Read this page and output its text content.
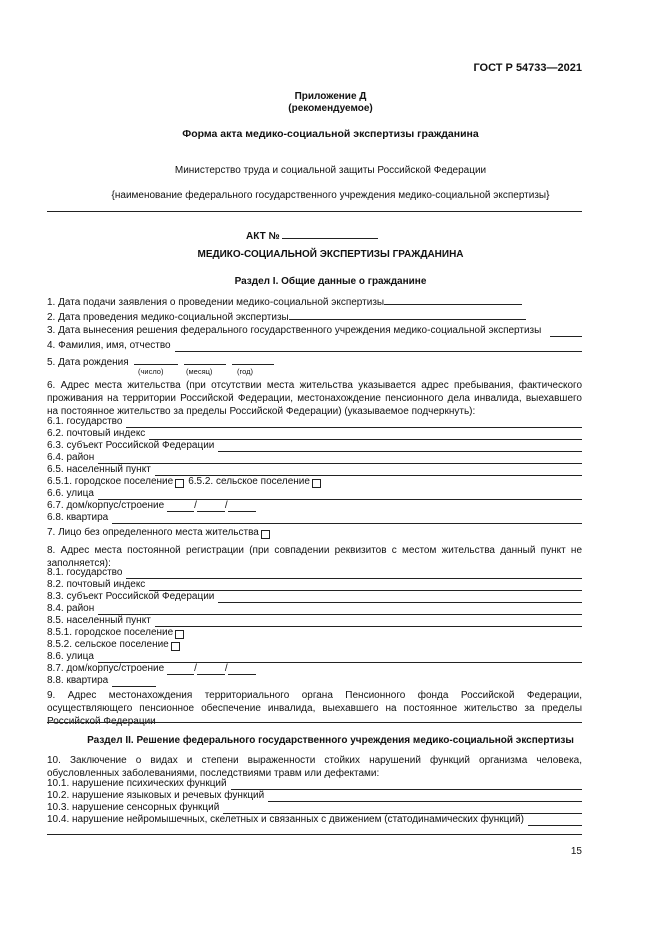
ГОСТ Р 54733—2021
Приложение Д
(рекомендуемое)
Форма акта медико-социальной экспертизы гражданина
Министерство труда и социальной защиты Российской Федерации
{наименование федерального государственного учреждения медико-социальной экспертизы}
АКТ №
МЕДИКО-СОЦИАЛЬНОЙ ЭКСПЕРТИЗЫ ГРАЖДАНИНА
Раздел I. Общие данные о гражданине
1. Дата подачи заявления о проведении медико-социальной экспертизы
2. Дата проведения медико-социальной экспертизы
3. Дата вынесения решения федерального государственного учреждения медико-социальной экспертизы
4. Фамилия, имя, отчество
5. Дата рождения
(число)	(месяц)	(год)
6. Адрес места жительства (при отсутствии места жительства указывается адрес пребывания, фактического проживания на территории Российской Федерации, местонахождение пенсионного дела инвалида, выехавшего на постоянное жительство за пределы Российской Федерации) (указываемое подчеркнуть):
6.1. государство
6.2. почтовый индекс
6.3. субъект Российской Федерации
6.4. район
6.5. населенный пункт
6.5.1. городское поселение 6.5.2. сельское поселение
6.6. улица
6.7. дом/корпус/строение	/	/
6.8. квартира
7. Лицо без определенного места жительства
8. Адрес места постоянной регистрации (при совпадении реквизитов с местом жительства данный пункт не заполняется):
8.1. государство
8.2. почтовый индекс
8.3. субъект Российской Федерации
8.4. район
8.5. населенный пункт
8.5.1. городское поселение
8.5.2. сельское поселение
8.6. улица
8.7. дом/корпус/строение	/	/
8.8. квартира
9. Адрес местонахождения территориального органа Пенсионного фонда Российской Федерации, осуществляющего пенсионное обеспечение инвалида, выехавшего на постоянное жительство за пределы Российской Федерации
Раздел II. Решение федерального государственного учреждения медико-социальной экспертизы
10. Заключение о видах и степени выраженности стойких нарушений функций организма человека, обусловленных заболеваниями, последствиями травм или дефектами:
10.1. нарушение психических функций
10.2. нарушение языковых и речевых функций
10.3. нарушение сенсорных функций
10.4. нарушение нейромышечных, скелетных и связанных с движением (статодинамических функций)
15
